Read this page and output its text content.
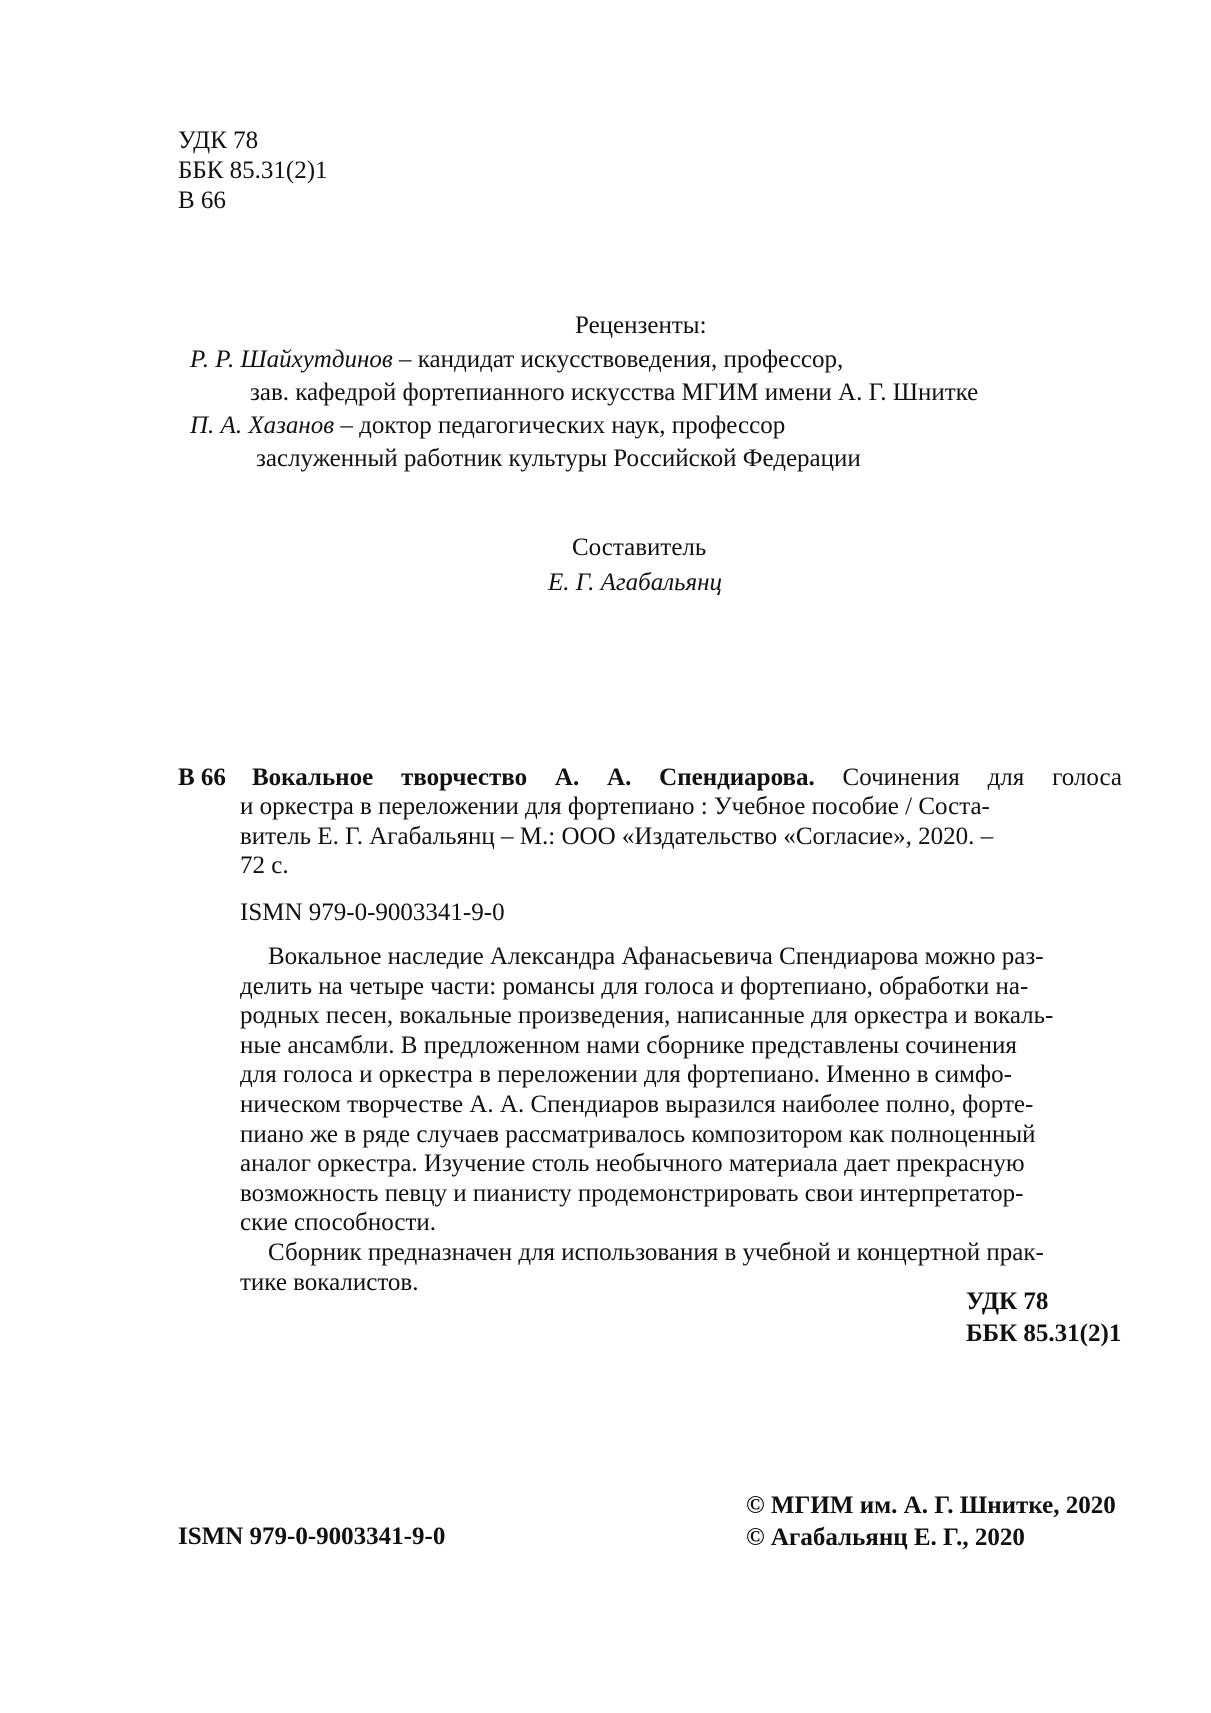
УДК 78
ББК 85.31(2)1
В 66
Рецензенты:
Р. Р. Шайхутдинов – кандидат искусствоведения, профессор,
зав. кафедрой фортепианного искусства МГИМ имени А. Г. Шнитке
П. А. Хазанов – доктор педагогических наук, профессор
заслуженный работник культуры Российской Федерации
Составитель
Е. Г. Агабальянц
В 66 Вокальное творчество А. А. Спендиарова. Сочинения для голоса
и оркестра в переложении для фортепиано : Учебное пособие / Соста-
витель Е. Г. Агабальянц – М.: ООО «Издательство «Согласие», 2020. –
72 с.
ISMN 979-0-9003341-9-0
Вокальное наследие Александра Афанасьевича Спендиарова можно раз-
делить на четыре части: романсы для голоса и фортепиано, обработки на-
родных песен, вокальные произведения, написанные для оркестра и вокаль-
ные ансамбли. В предложенном нами сборнике представлены сочинения
для голоса и оркестра в переложении для фортепиано. Именно в симфо-
ническом творчестве А. А. Спендиаров выразился наиболее полно, форте-
пиано же в ряде случаев рассматривалось композитором как полноценный
аналог оркестра. Изучение столь необычного материала дает прекрасную
возможность певцу и пианисту продемонстрировать свои интерпретатор-
ские способности.
Сборник предназначен для использования в учебной и концертной прак-
тике вокалистов.
УДК 78
ББК 85.31(2)1
ISMN 979-0-9003341-9-0
© МГИМ им. А. Г. Шнитке, 2020
© Агабальянц Е. Г., 2020
